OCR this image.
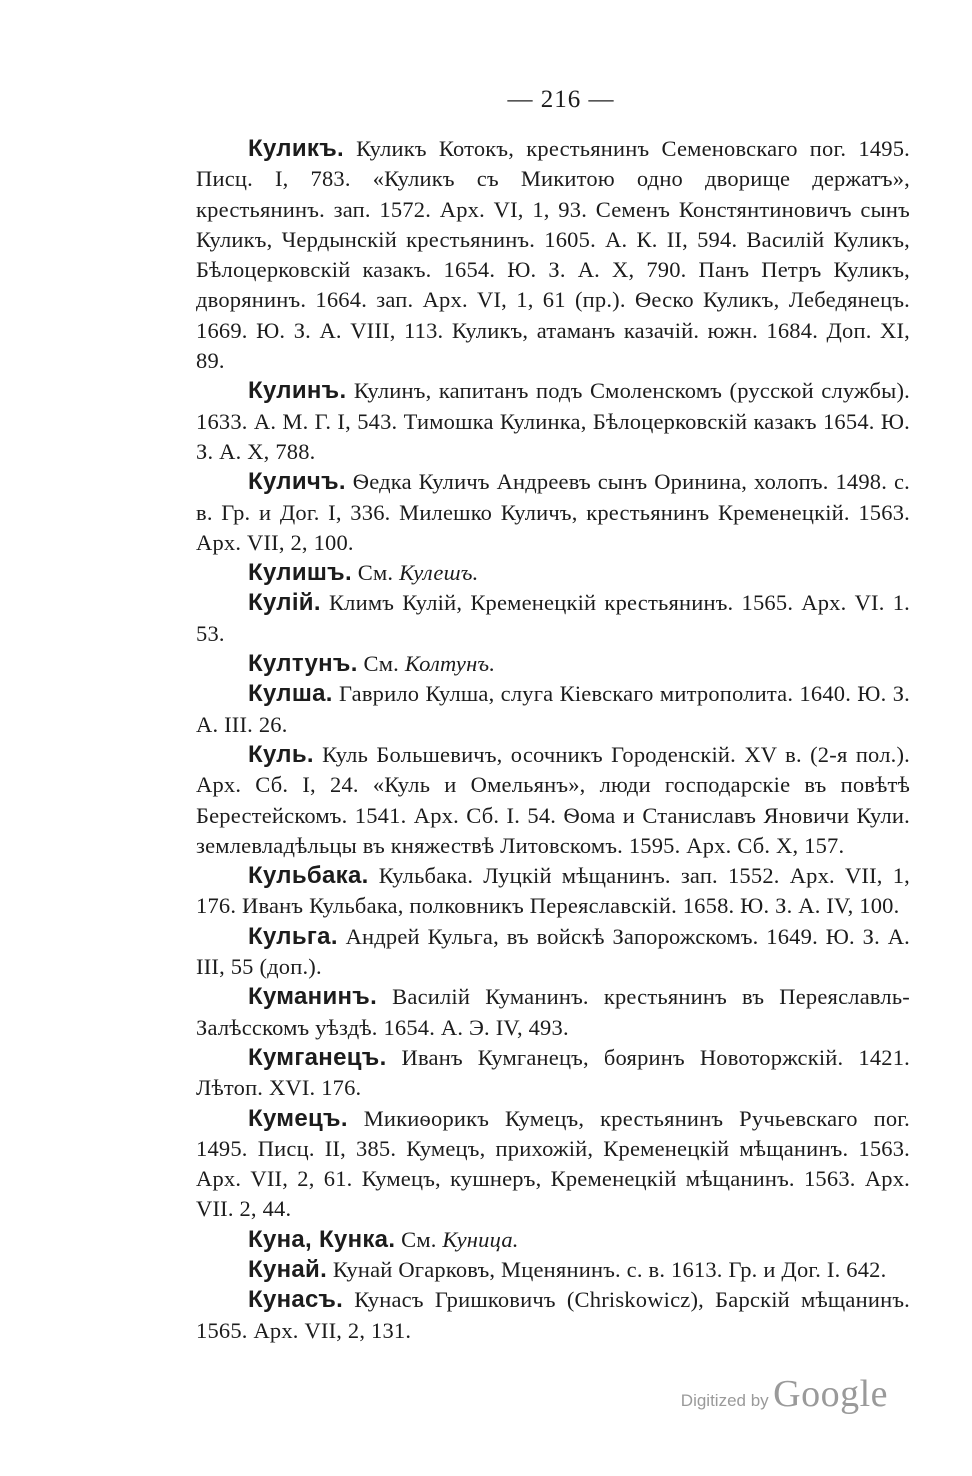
— 216 —

Куликъ. Куликъ Котокъ, крестьянинъ Семеновскаго пог. 1495. Писц. I, 783. «Куликъ съ Микитою одно дворище держатъ», крестьянинъ. зап. 1572. Арх. VI, 1, 93. Семенъ Констянтиновичъ сынъ Куликъ, Чердынскій крестьянинъ. 1605. А. К. II, 594. Василій Куликъ, Бѣлоцерковскій казакъ. 1654. Ю. З. А. X, 790. Панъ Петръ Куликъ, дворянинъ. 1664. зап. Арх. VI, 1, 61 (пр.). Ѳеско Куликъ, Лебедянецъ. 1669. Ю. З. А. VIII, 113. Куликъ, атаманъ казачій. южн. 1684. Доп. XI, 89.

Кулинъ. Кулинъ, капитанъ подъ Смоленскомъ (русской службы). 1633. А. М. Г. I, 543. Тимошка Кулинка, Бѣлоцерковскій казакъ 1654. Ю. З. А. X, 788.

Куличъ. Ѳедка Куличъ Андреевъ сынъ Оринина, холопъ. 1498. с. в. Гр. и Дог. I, 336. Милешко Куличъ, крестьянинъ Кременецкій. 1563. Арх. VII, 2, 100.

Кулишъ. См. Кулешъ.

Кулій. Климъ Кулій, Кременецкій крестьянинъ. 1565. Арх. VI. 1. 53.

Култунъ. См. Колтунъ.

Кулша. Гаврило Кулша, слуга Кіевскаго митрополита. 1640. Ю. З. А. III. 26.

Куль. Куль Большевичъ, осочникъ Городенскій. XV в. (2-я пол.). Арх. Сб. I, 24. «Куль и Омельянъ», люди господарскіе въ повѣтѣ Берестейскомъ. 1541. Арх. Сб. I. 54. Ѳома и Станиславъ Яновичи Кули. землевладѣльцы въ княжествѣ Литовскомъ. 1595. Арх. Сб. X, 157.

Кульбака. Кульбака. Луцкій мѣщанинъ. зап. 1552. Арх. VII, 1, 176. Иванъ Кульбака, полковникъ Переяславскій. 1658. Ю. З. А. IV, 100.

Кульга. Андрей Кульга, въ войскѣ Запорожскомъ. 1649. Ю. З. А. III, 55 (доп.).

Куманинъ. Василій Куманинъ. крестьянинъ въ Переяславль-Залѣсскомъ уѣздѣ. 1654. А. Э. IV, 493.

Кумганецъ. Иванъ Кумганецъ, бояринъ Новоторжскій. 1421. Лѣтоп. XVI. 176.

Кумецъ. Микиѳорикъ Кумецъ, крестьянинъ Ручьевскаго пог. 1495. Писц. II, 385. Кумецъ, прихожій, Кременецкій мѣщанинъ. 1563. Арх. VII, 2, 61. Кумецъ, кушнеръ, Кременецкій мѣщанинъ. 1563. Арх. VII. 2, 44.

Куна, Кунка. См. Куница.

Кунай. Кунай Огарковъ, Мценянинъ. с. в. 1613. Гр. и Дог. I. 642.

Кунасъ. Кунасъ Гришковичъ (Chriskowicz), Барскій мѣщанинъ. 1565. Арх. VII, 2, 131.

Digitized by Google
